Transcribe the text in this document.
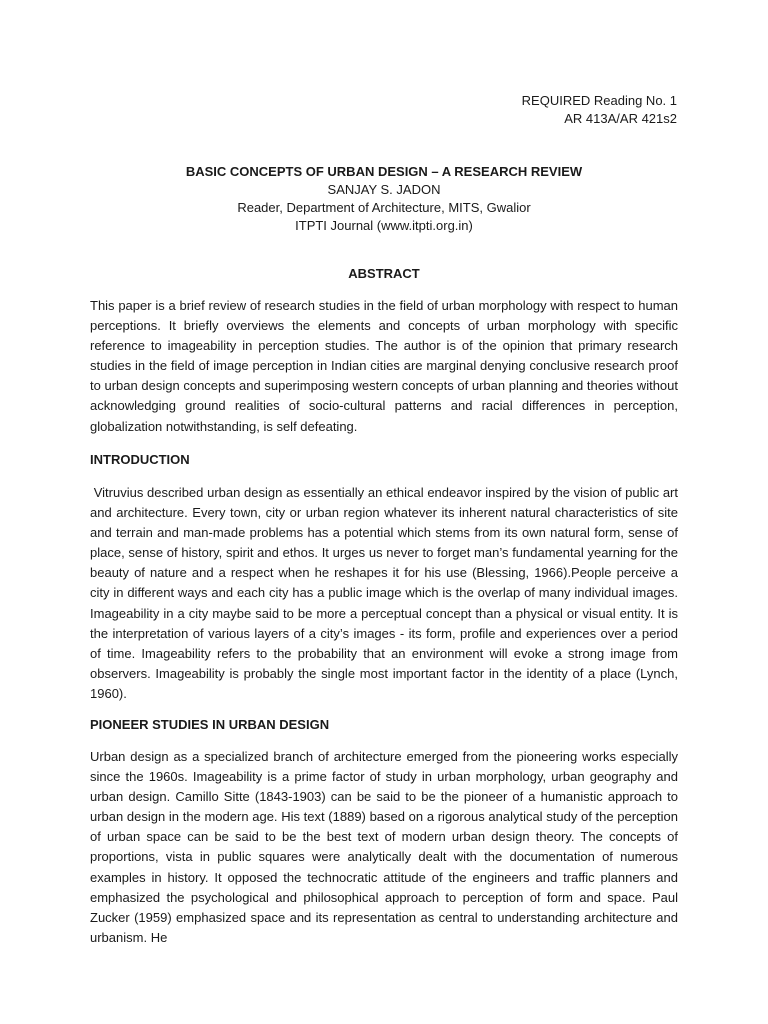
REQUIRED Reading No. 1
AR 413A/AR 421s2
BASIC CONCEPTS OF URBAN DESIGN – A RESEARCH REVIEW
SANJAY S. JADON
Reader, Department of Architecture, MITS, Gwalior
ITPTI Journal (www.itpti.org.in)
ABSTRACT

This paper is a brief review of research studies in the field of urban morphology with respect to human perceptions. It briefly overviews the elements and concepts of urban morphology with specific reference to imageability in perception studies. The author is of the opinion that primary research studies in the field of image perception in Indian cities are marginal denying conclusive research proof to urban design concepts and superimposing western concepts of urban planning and theories without acknowledging ground realities of socio-cultural patterns and racial differences in perception, globalization notwithstanding, is self defeating.

INTRODUCTION

Vitruvius described urban design as essentially an ethical endeavor inspired by the vision of public art and architecture. Every town, city or urban region whatever its inherent natural characteristics of site and terrain and man-made problems has a potential which stems from its own natural form, sense of place, sense of history, spirit and ethos. It urges us never to forget man’s fundamental yearning for the beauty of nature and a respect when he reshapes it for his use (Blessing, 1966).People perceive a city in different ways and each city has a public image which is the overlap of many individual images. Imageability in a city maybe said to be more a perceptual concept than a physical or visual entity. It is the interpretation of various layers of a city’s images - its form, profile and experiences over a period of time. Imageability refers to the probability that an environment will evoke a strong image from observers. Imageability is probably the single most important factor in the identity of a place (Lynch, 1960).

PIONEER STUDIES IN URBAN DESIGN

Urban design as a specialized branch of architecture emerged from the pioneering works especially since the 1960s. Imageability is a prime factor of study in urban morphology, urban geography and urban design. Camillo Sitte (1843-1903) can be said to be the pioneer of a humanistic approach to urban design in the modern age. His text (1889) based on a rigorous analytical study of the perception of urban space can be said to be the best text of modern urban design theory. The concepts of proportions, vista in public squares were analytically dealt with the documentation of numerous examples in history. It opposed the technocratic attitude of the engineers and traffic planners and emphasized the psychological and philosophical approach to perception of form and space. Paul Zucker (1959) emphasized space and its representation as central to understanding architecture and urbanism. He
